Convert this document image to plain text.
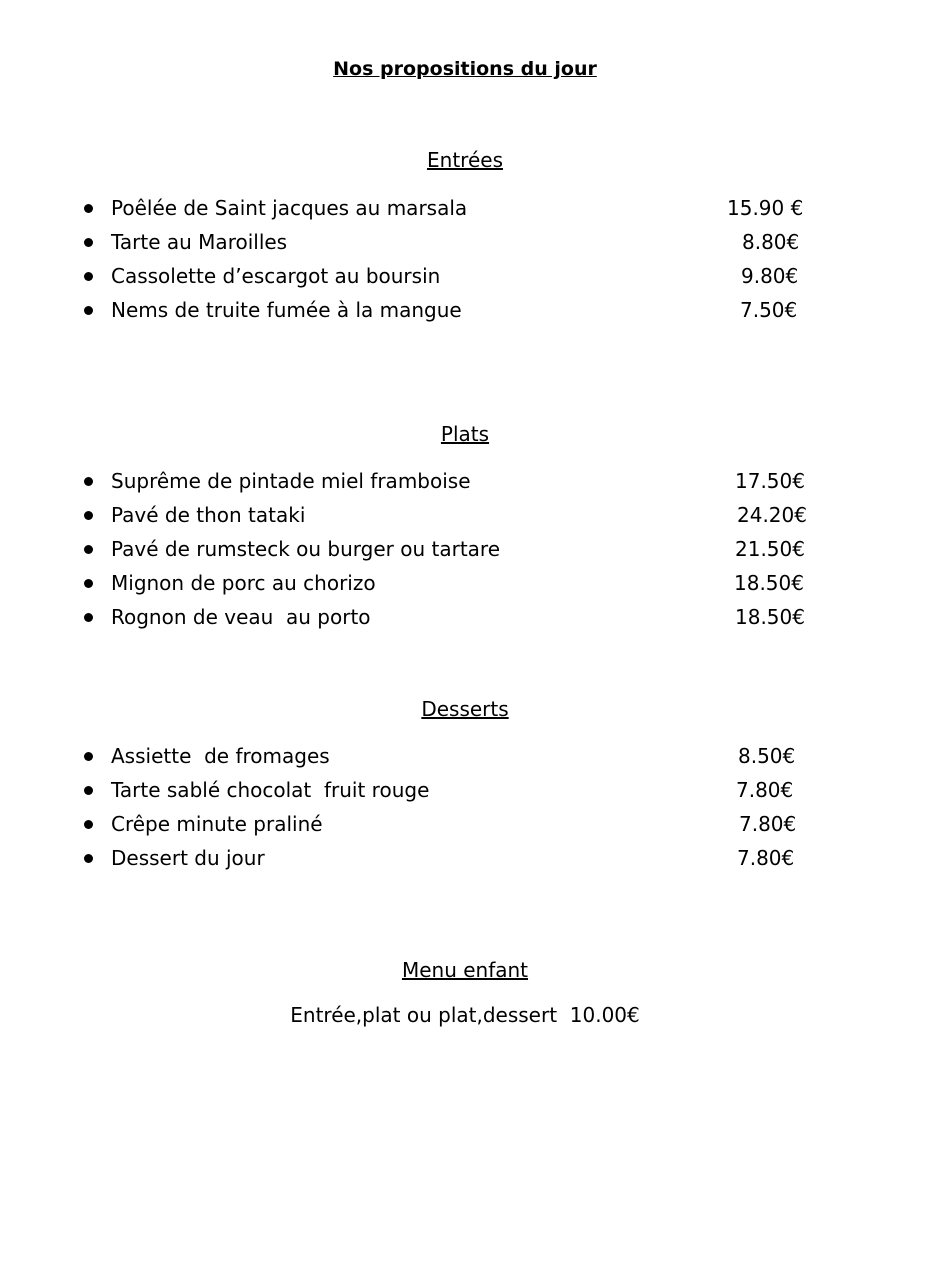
Nos propositions du jour
Entrées
Poêlée de Saint jacques au marsala	15.90 €
Tarte au Maroilles	8.80€
Cassolette d’escargot au boursin	9.80€
Nems de truite fumée à la mangue	7.50€
Plats
Suprême de pintade miel framboise	17.50€
Pavé de thon tataki	24.20€
Pavé de rumsteck ou burger ou tartare	21.50€
Mignon de porc au chorizo	18.50€
Rognon de veau  au porto	18.50€
Desserts
Assiette  de fromages	8.50€
Tarte sablé chocolat  fruit rouge	7.80€
Crêpe minute praliné	7.80€
Dessert du jour	7.80€
Menu enfant
Entrée,plat ou plat,dessert 10.00€
